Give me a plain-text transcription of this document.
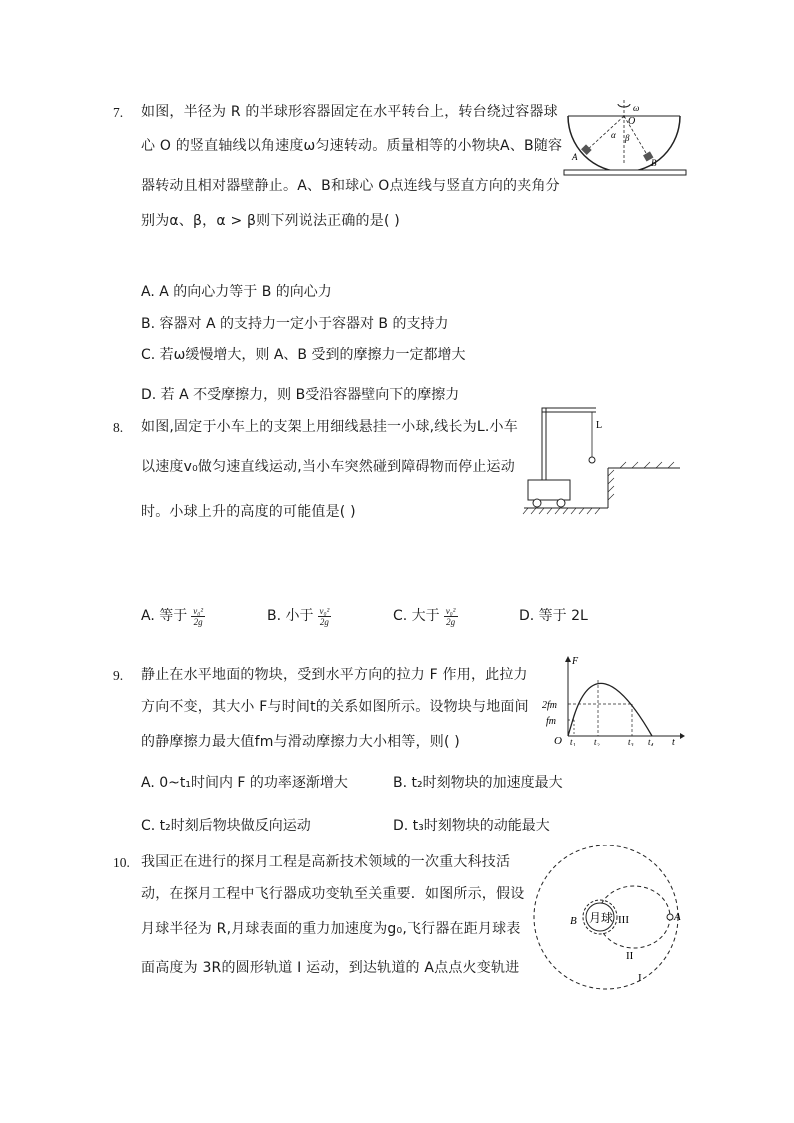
7. 如图，半径为 R 的半球形容器固定在水平转台上，转台绕过容器球
心 O 的竖直轴线以角速度ω匀速转动。质量相等的小物块A、B随容
器转动且相对器壁静止。A、B和球心 O点连线与竖直方向的夹角分
别为α、β，α > β则下列说法正确的是( )
A. A 的向心力等于 B 的向心力
B. 容器对 A 的支持力一定小于容器对 B 的支持力
C. 若ω缓慢增大，则 A、B 受到的摩擦力一定都增大
D. 若 A 不受摩擦力，则 B受沿容器壁向下的摩擦力
ω
O
α β
A
B
8. 如图,固定于小车上的支架上用细线悬挂一小球,线长为L.小车
以速度v₀做匀速直线运动,当小车突然碰到障碍物而停止运动
时。小球上升的高度的可能值是( )
A. 等于 $\frac{\text{v₀²}}{2g}$	B. 小于 $\frac{\text{v₀²}}{2g}$	C. 大于 $\frac{\text{v₀²}}{2g}$	D. 等于 2L
L
9. 静止在水平地面的物块，受到水平方向的拉力 F 作用，此拉力
方向不变，其大小 F与时间t的关系如图所示。设物块与地面间
的静摩擦力最大值fm与滑动摩擦力大小相等，则( )
A. 0~t₁时间内 F 的功率逐渐增大	B. t₂时刻物块的加速度最大
C. t₂时刻后物块做反向运动	D. t₃时刻物块的动能最大
F
2fm
fm
O t₁ t₂	t₃ t₄ t
10. 我国正在进行的探月工程是高新技术领域的一次重大科技活
动，在探月工程中飞行器成功变轨至关重要．如图所示，假设
月球半径为 R,月球表面的重力加速度为g₀,飞行器在距月球表
面高度为 3R的圆形轨道 I 运动，到达轨道的 A点点火变轨进
B 月球 III	A
II
I
